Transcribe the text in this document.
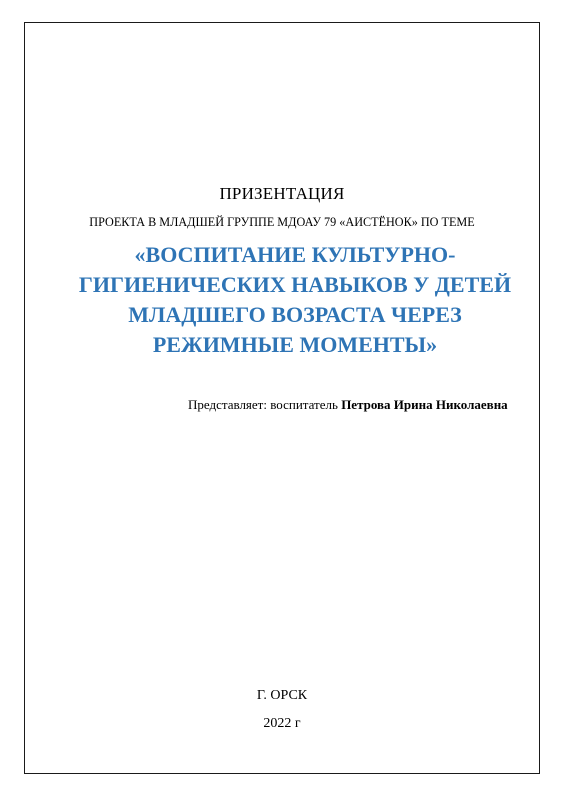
ПРИЗЕНТАЦИЯ
ПРОЕКТА В МЛАДШЕЙ ГРУППЕ МДОАУ 79 «АИСТЁНОК» ПО ТЕМЕ
«ВОСПИТАНИЕ КУЛЬТУРНО-ГИГИЕНИЧЕСКИХ НАВЫКОВ У ДЕТЕЙ МЛАДШЕГО ВОЗРАСТА ЧЕРЕЗ РЕЖИМНЫЕ МОМЕНТЫ»
Представляет: воспитатель Петрова Ирина Николаевна
Г. ОРСК
2022 г
